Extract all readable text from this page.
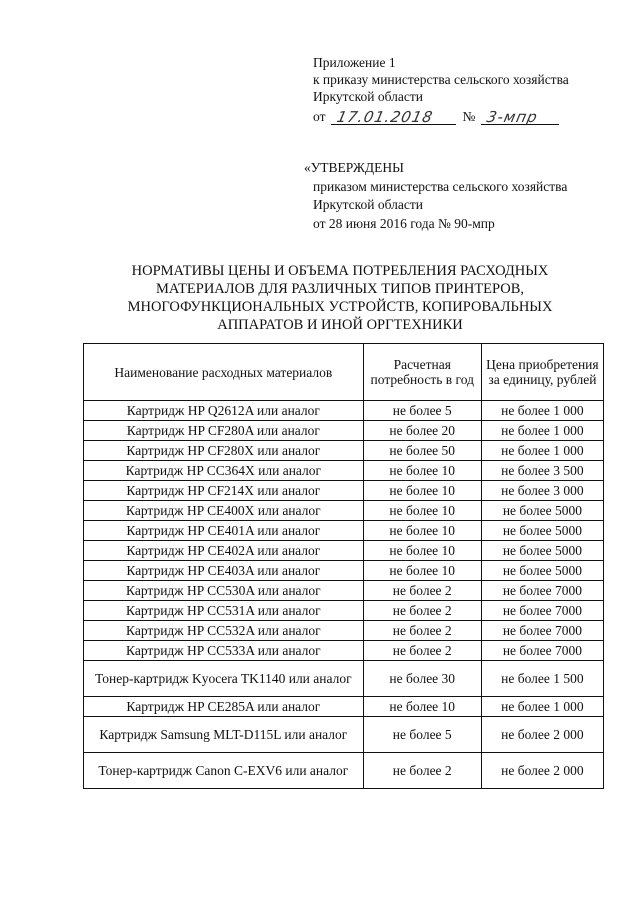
Приложение 1
к приказу министерства сельского хозяйства
Иркутской области
от 17.01.2018 № 3-мпр
«УТВЕРЖДЕНЫ
приказом министерства сельского хозяйства
Иркутской области
от 28 июня 2016 года № 90-мпр
НОРМАТИВЫ ЦЕНЫ И ОБЪЕМА ПОТРЕБЛЕНИЯ РАСХОДНЫХ
МАТЕРИАЛОВ ДЛЯ РАЗЛИЧНЫХ ТИПОВ ПРИНТЕРОВ,
МНОГОФУНКЦИОНАЛЬНЫХ УСТРОЙСТВ, КОПИРОВАЛЬНЫХ
АППАРАТОВ И ИНОЙ ОРГТЕХНИКИ
Наименование расходных материалов	Расчетная потребность в год	Цена приобретения за единицу, рублей
Картридж HP Q2612A или аналог	не более 5	не более 1 000
Картридж HP CF280A или аналог	не более 20	не более 1 000
Картридж HP CF280X или аналог	не более 50	не более 1 000
Картридж HP CC364X или аналог	не более 10	не более 3 500
Картридж HP CF214X или аналог	не более 10	не более 3 000
Картридж HP CE400X или аналог	не более 10	не более 5000
Картридж HP CE401A или аналог	не более 10	не более 5000
Картридж HP CE402A или аналог	не более 10	не более 5000
Картридж HP CE403A или аналог	не более 10	не более 5000
Картридж HP CC530A или аналог	не более 2	не более 7000
Картридж HP CC531A или аналог	не более 2	не более 7000
Картридж HP CC532A или аналог	не более 2	не более 7000
Картридж HP CC533A или аналог	не более 2	не более 7000
Тонер-картридж Kyocera TK1140 или аналог	не более 30	не более 1 500
Картридж HP CE285A или аналог	не более 10	не более 1 000
Картридж Samsung MLT-D115L или аналог	не более 5	не более 2 000
Тонер-картридж Canon C-EXV6 или аналог	не более 2	не более 2 000
